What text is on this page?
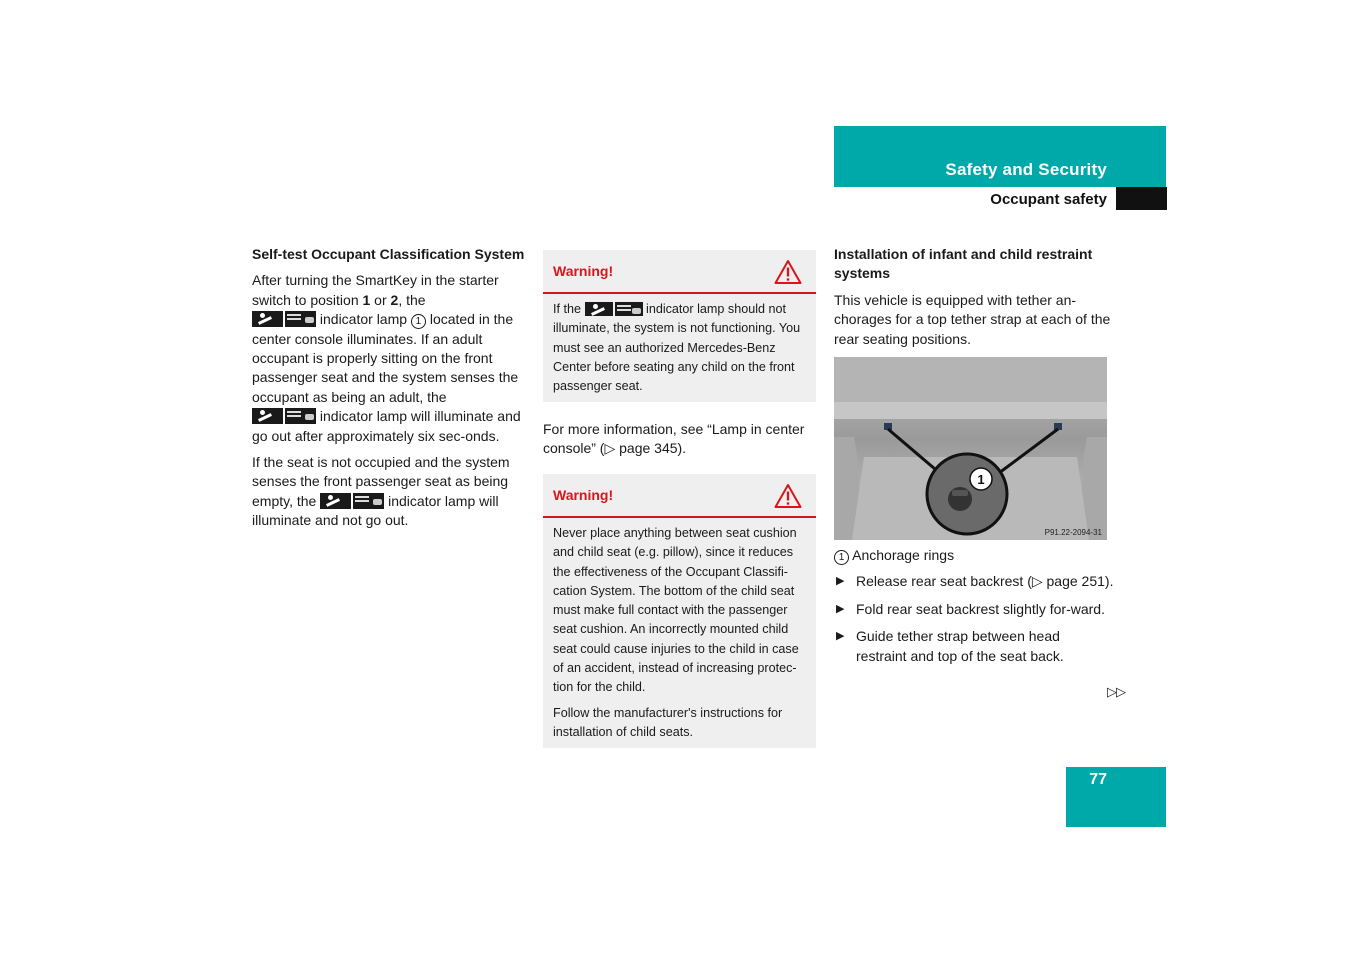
Safety and Security
Occupant safety
Self-test Occupant Classification System

After turning the SmartKey in the starter switch to position 1 or 2, the

indicator lamp 1 located in the center console illuminates. If an adult occupant is properly sitting on the front passenger seat and the system senses the occupant as being an adult, the

indicator lamp will illuminate and go out after approximately six sec-onds.

If the seat is not occupied and the system senses the front passenger seat as being empty, the	indicator lamp will illuminate and not go out.

Warning!

If the	indicator lamp should not illuminate, the system is not functioning. You must see an authorized Mercedes-Benz Center before seating any child on the front passenger seat.

For more information, see “Lamp in center console” (▷ page 345).
Warning!

Never place anything between seat cushion and child seat (e.g. pillow), since it reduces the effectiveness of the Occupant Classifi-cation System. The bottom of the child seat must make full contact with the passenger seat cushion. An incorrectly mounted child seat could cause injuries to the child in case of an accident, instead of increasing protec-tion for the child.

Follow the manufacturer's instructions for installation of child seats.

Installation of infant and child restraint systems

This vehicle is equipped with tether an-chorages for a top tether strap at each of the rear seating positions.

1
P91.22-2094-31

1 Anchorage rings

▶ Release rear seat backrest (▷ page 251).
▶ Fold rear seat backrest slightly for-ward.
▶ Guide tether strap between head restraint and top of the seat back.
▷▷
77
